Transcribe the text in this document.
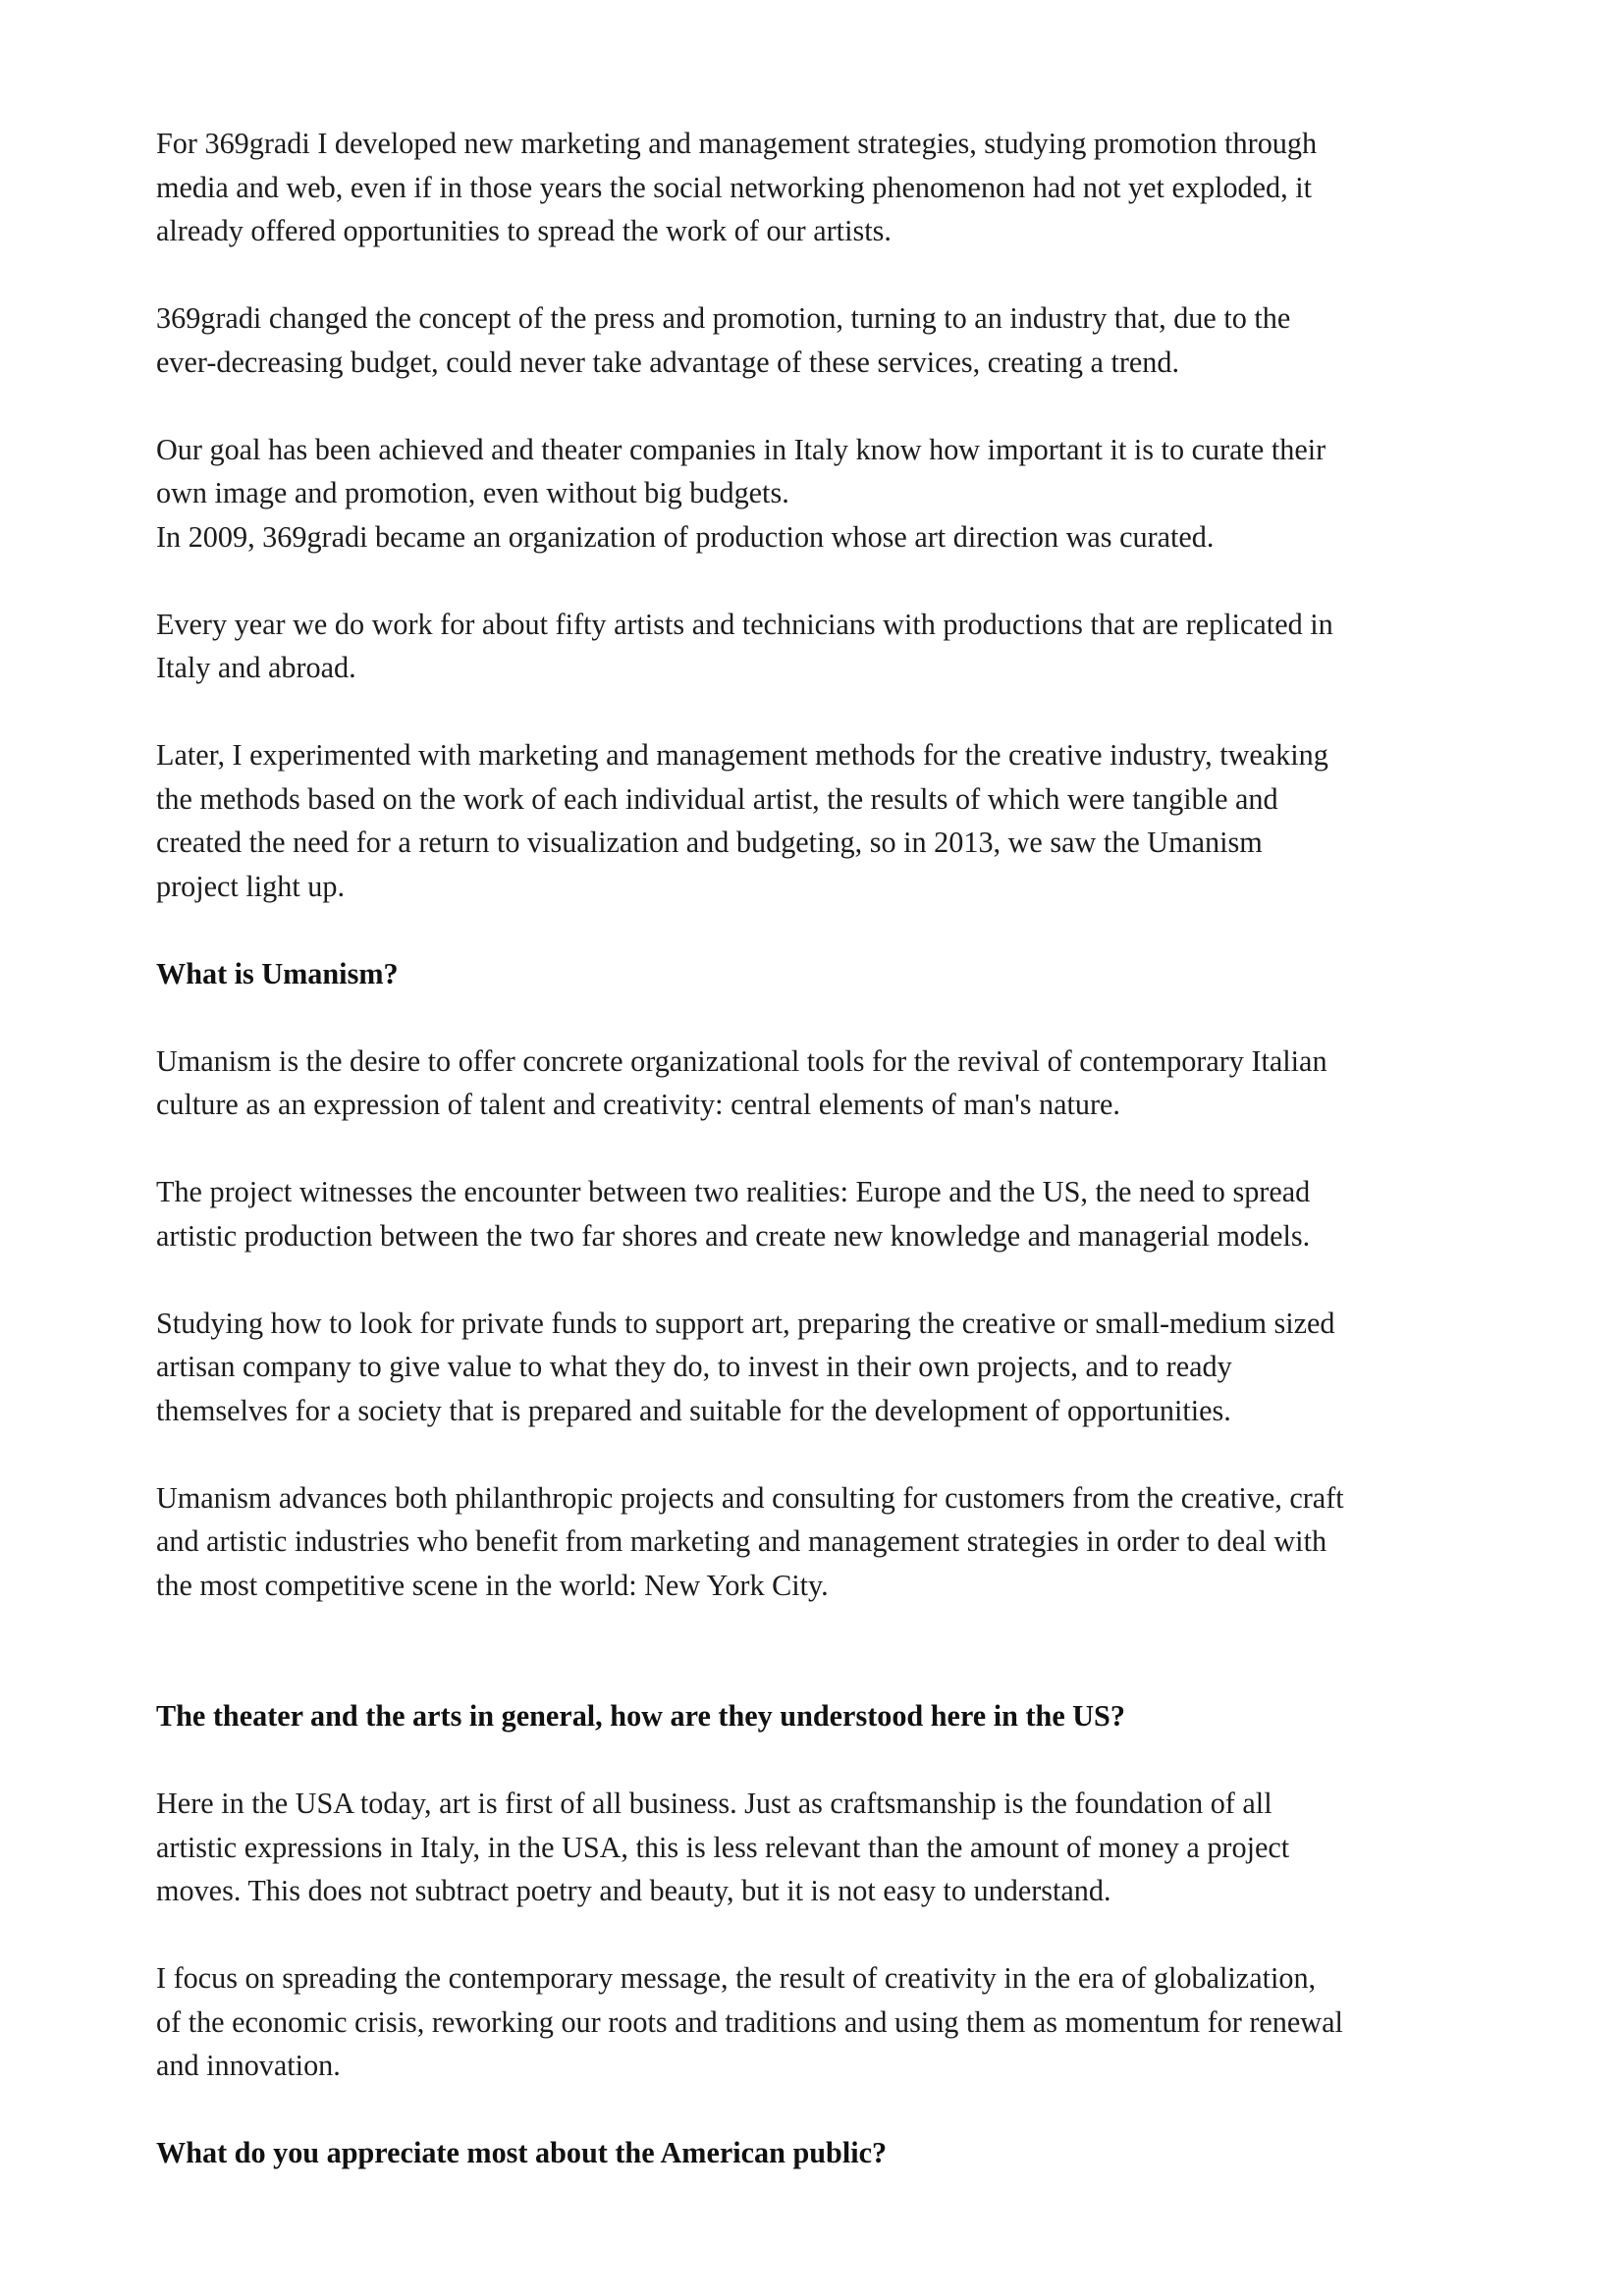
For 369gradi I developed new marketing and management strategies, studying promotion through
media and web, even if in those years the social networking phenomenon had not yet exploded, it
already offered opportunities to spread the work of our artists.

369gradi changed the concept of the press and promotion, turning to an industry that, due to the
ever-decreasing budget, could never take advantage of these services, creating a trend.

Our goal has been achieved and theater companies in Italy know how important it is to curate their
own image and promotion, even without big budgets.
In 2009, 369gradi became an organization of production whose art direction was curated.

Every year we do work for about fifty artists and technicians with productions that are replicated in
Italy and abroad.

Later, I experimented with marketing and management methods for the creative industry, tweaking
the methods based on the work of each individual artist, the results of which were tangible and
created the need for a return to visualization and budgeting, so in 2013, we saw the Umanism
project light up.

What is Umanism?

Umanism is the desire to offer concrete organizational tools for the revival of contemporary Italian
culture as an expression of talent and creativity: central elements of man's nature.

The project witnesses the encounter between two realities: Europe and the US, the need to spread
artistic production between the two far shores and create new knowledge and managerial models.

Studying how to look for private funds to support art, preparing the creative or small-medium sized
artisan company to give value to what they do, to invest in their own projects, and to ready
themselves for a society that is prepared and suitable for the development of opportunities.

Umanism advances both philanthropic projects and consulting for customers from the creative, craft
and artistic industries who benefit from marketing and management strategies in order to deal with
the most competitive scene in the world: New York City.

The theater and the arts in general, how are they understood here in the US?

Here in the USA today, art is first of all business. Just as craftsmanship is the foundation of all
artistic expressions in Italy, in the USA, this is less relevant than the amount of money a project
moves. This does not subtract poetry and beauty, but it is not easy to understand.

I focus on spreading the contemporary message, the result of creativity in the era of globalization,
of the economic crisis, reworking our roots and traditions and using them as momentum for renewal
and innovation.

What do you appreciate most about the American public?
